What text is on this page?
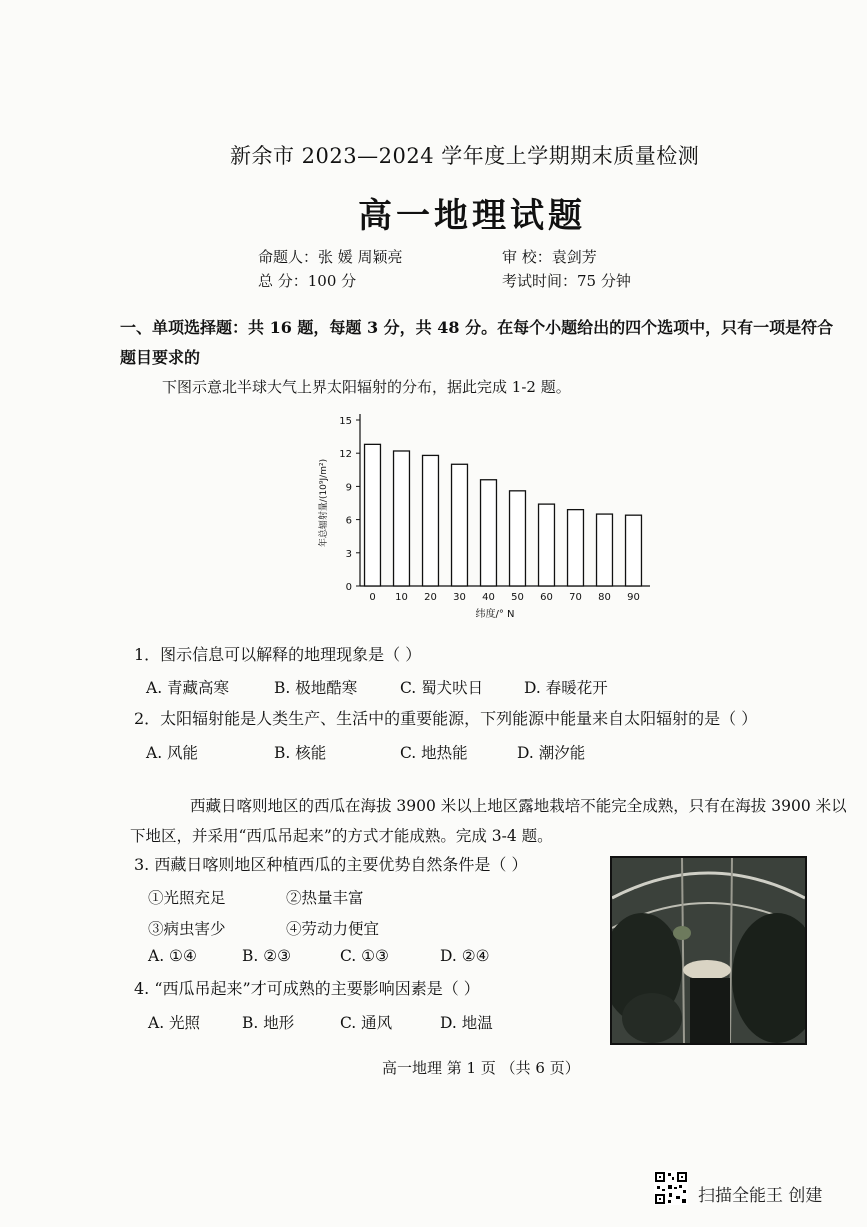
新余市 2023—2024 学年度上学期期末质量检测
高一地理试题
命题人：张 媛 周颖亮	审 校：袁剑芳
总 分：100 分	考试时间：75 分钟
一、单项选择题：共 16 题，每题 3 分，共 48 分。在每个小题给出的四个选项中，只有一项是符合题目要求的
下图示意北半球大气上界太阳辐射的分布，据此完成 1-2 题。
0
3
6
9
12
15
0 10 20 30 40 50 60 70 80 90
年总辐射量/(10⁹J/m²)
纬度/° N
1．图示信息可以解释的地理现象是（ ）
A. 青藏高寒	B. 极地酷寒	C. 蜀犬吠日	D. 春暖花开
2．太阳辐射能是人类生产、生活中的重要能源，下列能源中能量来自太阳辐射的是（ ）
A. 风能	B. 核能	C. 地热能	D. 潮汐能
西藏日喀则地区的西瓜在海拔 3900 米以上地区露地栽培不能完全成熟，只有在海拔 3900 米以下地区，并采用“西瓜吊起来”的方式才能成熟。完成 3-4 题。
3. 西藏日喀则地区种植西瓜的主要优势自然条件是（ ）
①光照充足	②热量丰富
③病虫害少	④劳动力便宜
A. ①④	B. ②③	C. ①③	D. ②④
4. “西瓜吊起来”才可成熟的主要影响因素是（ ）
A. 光照	B. 地形	C. 通风	D. 地温
高一地理 第 1 页 （共 6 页）
扫描全能王 创建
